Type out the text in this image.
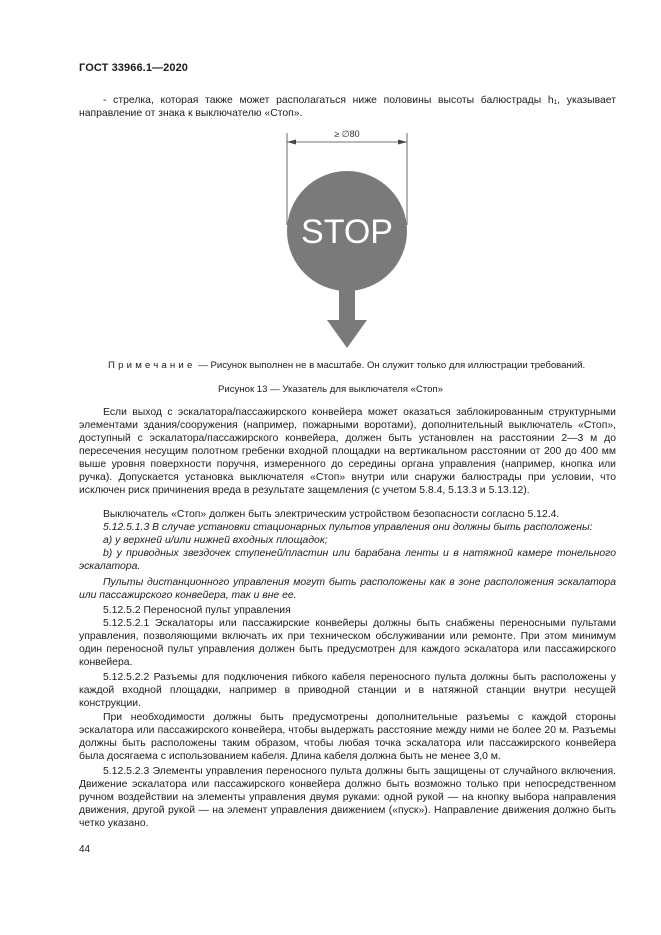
ГОСТ 33966.1—2020

- стрелка, которая также может располагаться ниже половины высоты балюстрады h₁, указывает направление от знака к выключателю «Стоп».

≥ ∅80
STOP
Примечание — Рисунок выполнен не в масштабе. Он служит только для иллюстрации требований.
Рисунок 13 — Указатель для выключателя «Стоп»

Если выход с эскалатора/пассажирского конвейера может оказаться заблокированным структурными элементами здания/сооружения (например, пожарными воротами), дополнительный выключатель «Стоп», доступный с эскалатора/пассажирского конвейера, должен быть установлен на расстоянии 2—3 м до пересечения несущим полотном гребенки входной площадки на вертикальном расстоянии от 200 до 400 мм выше уровня поверхности поручня, измеренного до середины органа управления (например, кнопка или ручка). Допускается установка выключателя «Стоп» внутри или снаружи балюстрады при условии, что исключен риск причинения вреда в результате защемления (с учетом 5.8.4, 5.13.3 и 5.13.12).

Выключатель «Стоп» должен быть электрическим устройством безопасности согласно 5.12.4.

5.12.5.1.3 В случае установки стационарных пультов управления они должны быть расположены:

a) у верхней и/или нижней входных площадок;

b) у приводных звездочек ступеней/пластин или барабана ленты и в натяжной камере тонельного эскалатора.

Пульты дистанционного управления могут быть расположены как в зоне расположения эскалатора или пассажирского конвейера, так и вне ее.

5.12.5.2 Переносной пульт управления

5.12.5.2.1 Эскалаторы или пассажирские конвейеры должны быть снабжены переносными пультами управления, позволяющими включать их при техническом обслуживании или ремонте. При этом минимум один переносной пульт управления должен быть предусмотрен для каждого эскалатора или пассажирского конвейера.

5.12.5.2.2 Разъемы для подключения гибкого кабеля переносного пульта должны быть расположены у каждой входной площадки, например в приводной станции и в натяжной станции внутри несущей конструкции.

При необходимости должны быть предусмотрены дополнительные разъемы с каждой стороны эскалатора или пассажирского конвейера, чтобы выдержать расстояние между ними не более 20 м. Разъемы должны быть расположены таким образом, чтобы любая точка эскалатора или пассажирского конвейера была досягаема с использованием кабеля. Длина кабеля должна быть не менее 3,0 м.

5.12.5.2.3 Элементы управления переносного пульта должны быть защищены от случайного включения. Движение эскалатора или пассажирского конвейера должно быть возможно только при непосредственном ручном воздействии на элементы управления двумя руками: одной рукой — на кнопку выбора направления движения, другой рукой — на элемент управления движением («пуск»). Направление движения должно быть четко указано.

44
